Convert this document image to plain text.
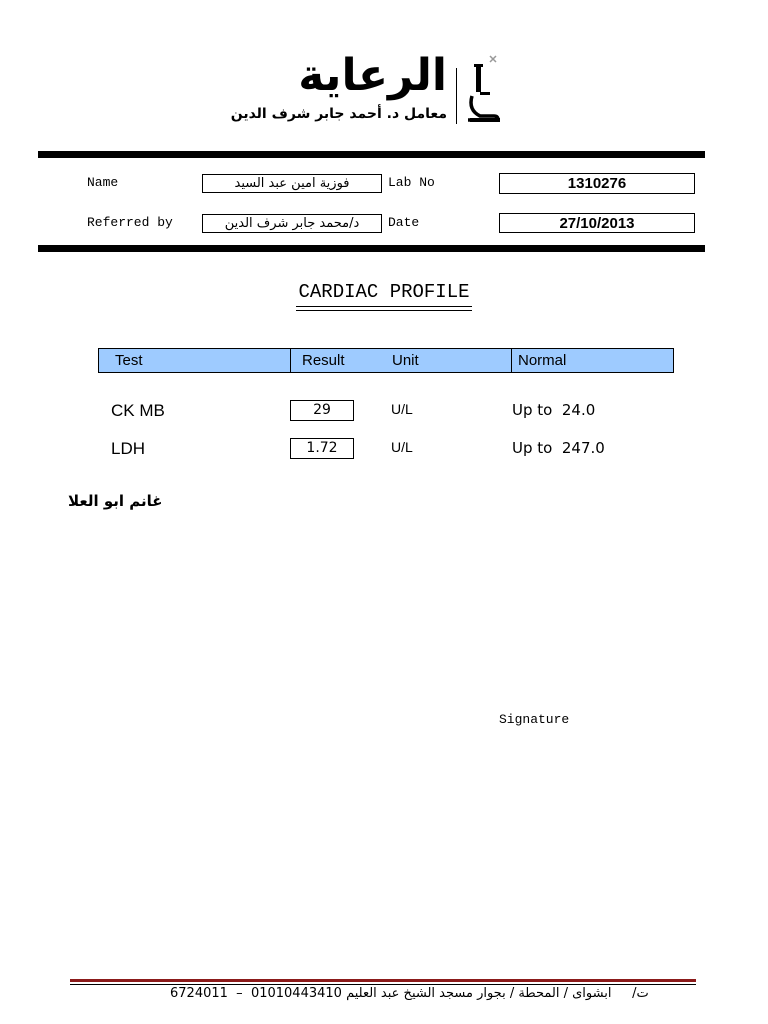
الرعاية
معامل د. أحمد جابر شرف الدين
Name	فوزية امين عبد السيد	Lab No	1310276
Referred by	د/محمد جابر شرف الدين	Date	27/10/2013
CARDIAC PROFILE
Test	Result	Unit	Normal
CK MB	29	U/L	Up to 24.0
LDH	1.72	U/L	Up to 247.0
غانم ابو العلا
Signature
6724011 – 01010443410	ت/     ابشواى / المحطة / بجوار مسجد الشيخ عبد العليم
